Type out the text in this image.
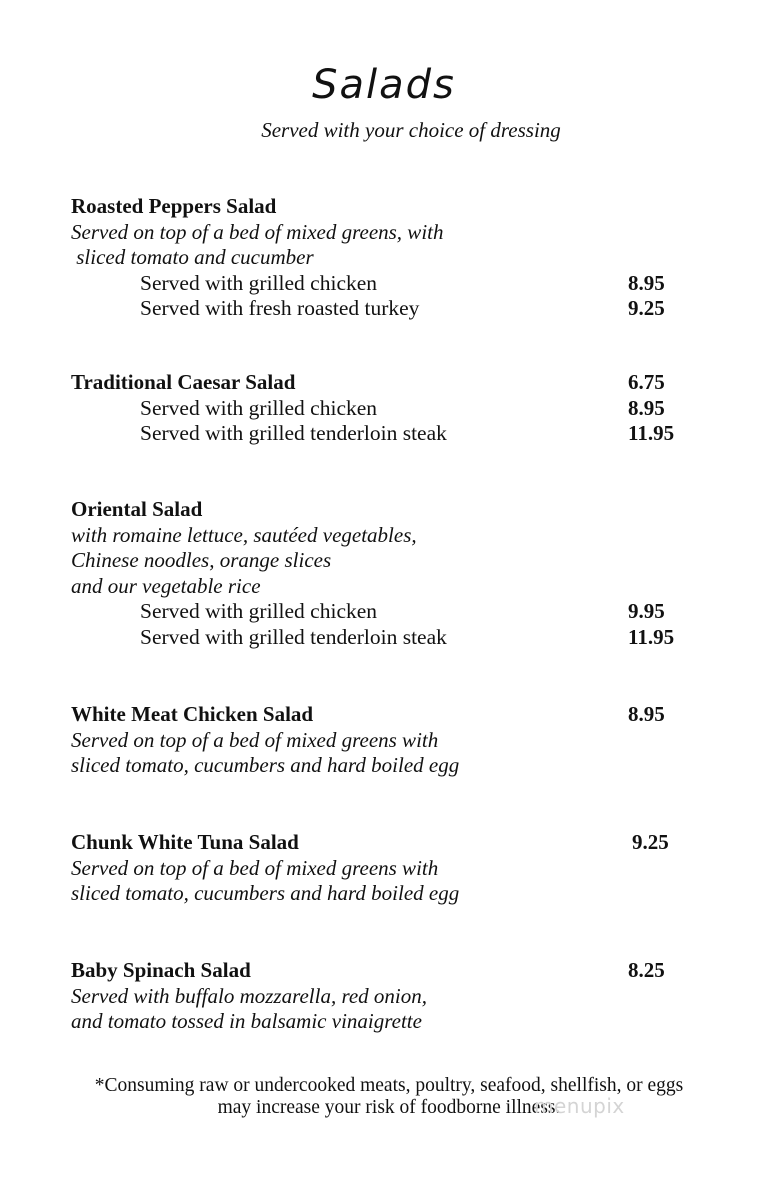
Salads
Served with your choice of dressing
Roasted Peppers Salad
Served on top of a bed of mixed greens, with
sliced tomato and cucumber
Served with grilled chicken	8.95
Served with fresh roasted turkey	9.25
Traditional Caesar Salad	6.75
Served with grilled chicken	8.95
Served with grilled tenderloin steak	11.95
Oriental Salad
with romaine lettuce, sautéed vegetables,
Chinese noodles, orange slices
and our vegetable rice
Served with grilled chicken	9.95
Served with grilled tenderloin steak	11.95
White Meat Chicken Salad	8.95
Served on top of a bed of mixed greens with
sliced tomato, cucumbers and hard boiled egg
Chunk White Tuna Salad	9.25
Served on top of a bed of mixed greens with
sliced tomato, cucumbers and hard boiled egg
Baby Spinach Salad	8.25
Served with buffalo mozzarella, red onion,
and tomato tossed in balsamic vinaigrette
*Consuming raw or undercooked meats, poultry, seafood, shellfish, or eggs
may increase your risk of foodborne illness.
menupix
